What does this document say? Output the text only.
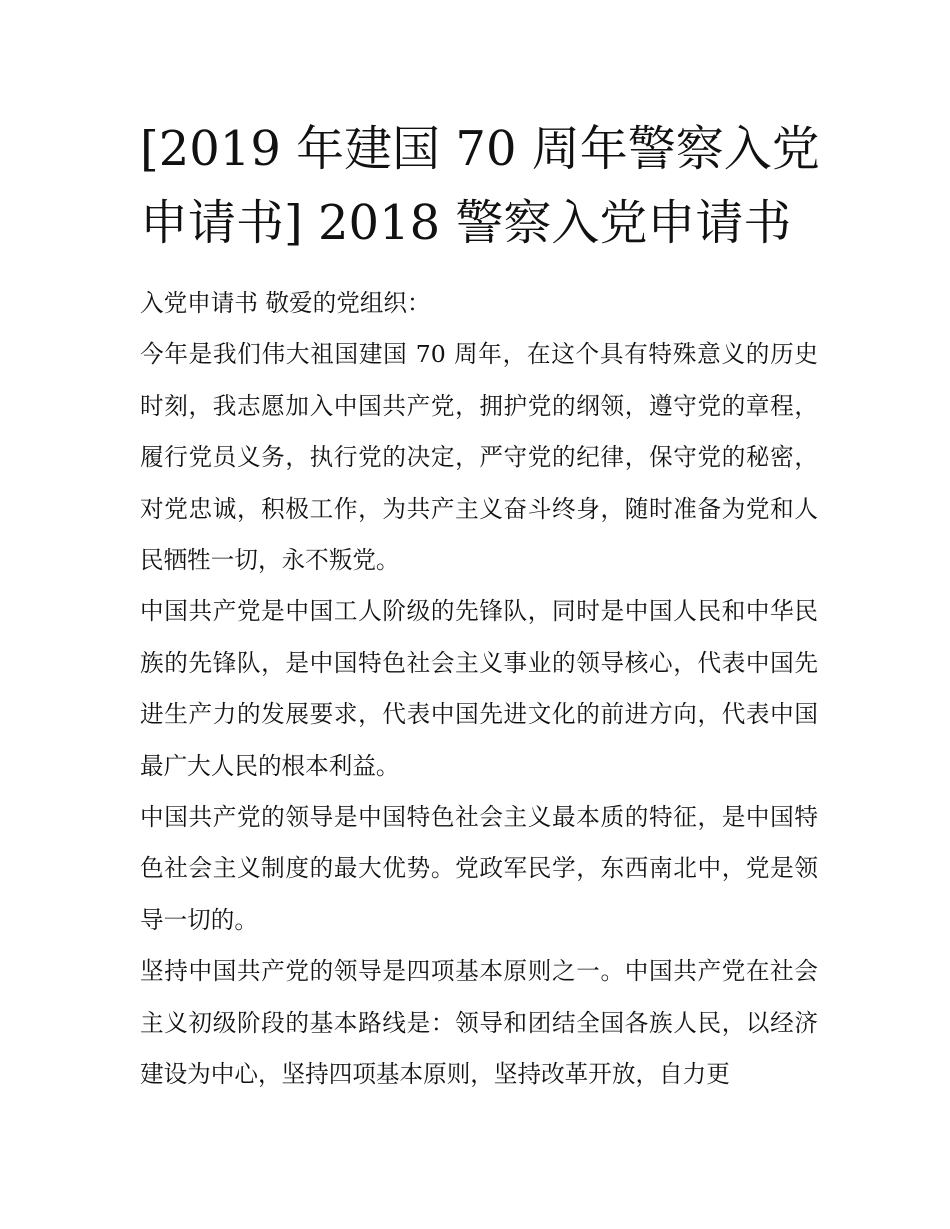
[2019 年建国 70 周年警察入党申请书] 2018 警察入党申请书

入党申请书 敬爱的党组织：

今年是我们伟大祖国建国 70 周年，在这个具有特殊意义的历史时刻，我志愿加入中国共产党，拥护党的纲领，遵守党的章程，履行党员义务，执行党的决定，严守党的纪律，保守党的秘密，对党忠诚，积极工作，为共产主义奋斗终身，随时准备为党和人民牺牲一切，永不叛党。

中国共产党是中国工人阶级的先锋队，同时是中国人民和中华民族的先锋队，是中国特色社会主义事业的领导核心，代表中国先进生产力的发展要求，代表中国先进文化的前进方向，代表中国最广大人民的根本利益。

中国共产党的领导是中国特色社会主义最本质的特征，是中国特色社会主义制度的最大优势。党政军民学，东西南北中，党是领导一切的。

坚持中国共产党的领导是四项基本原则之一。中国共产党在社会主义初级阶段的基本路线是：领导和团结全国各族人民，以经济建设为中心，坚持四项基本原则，坚持改革开放，自力更
